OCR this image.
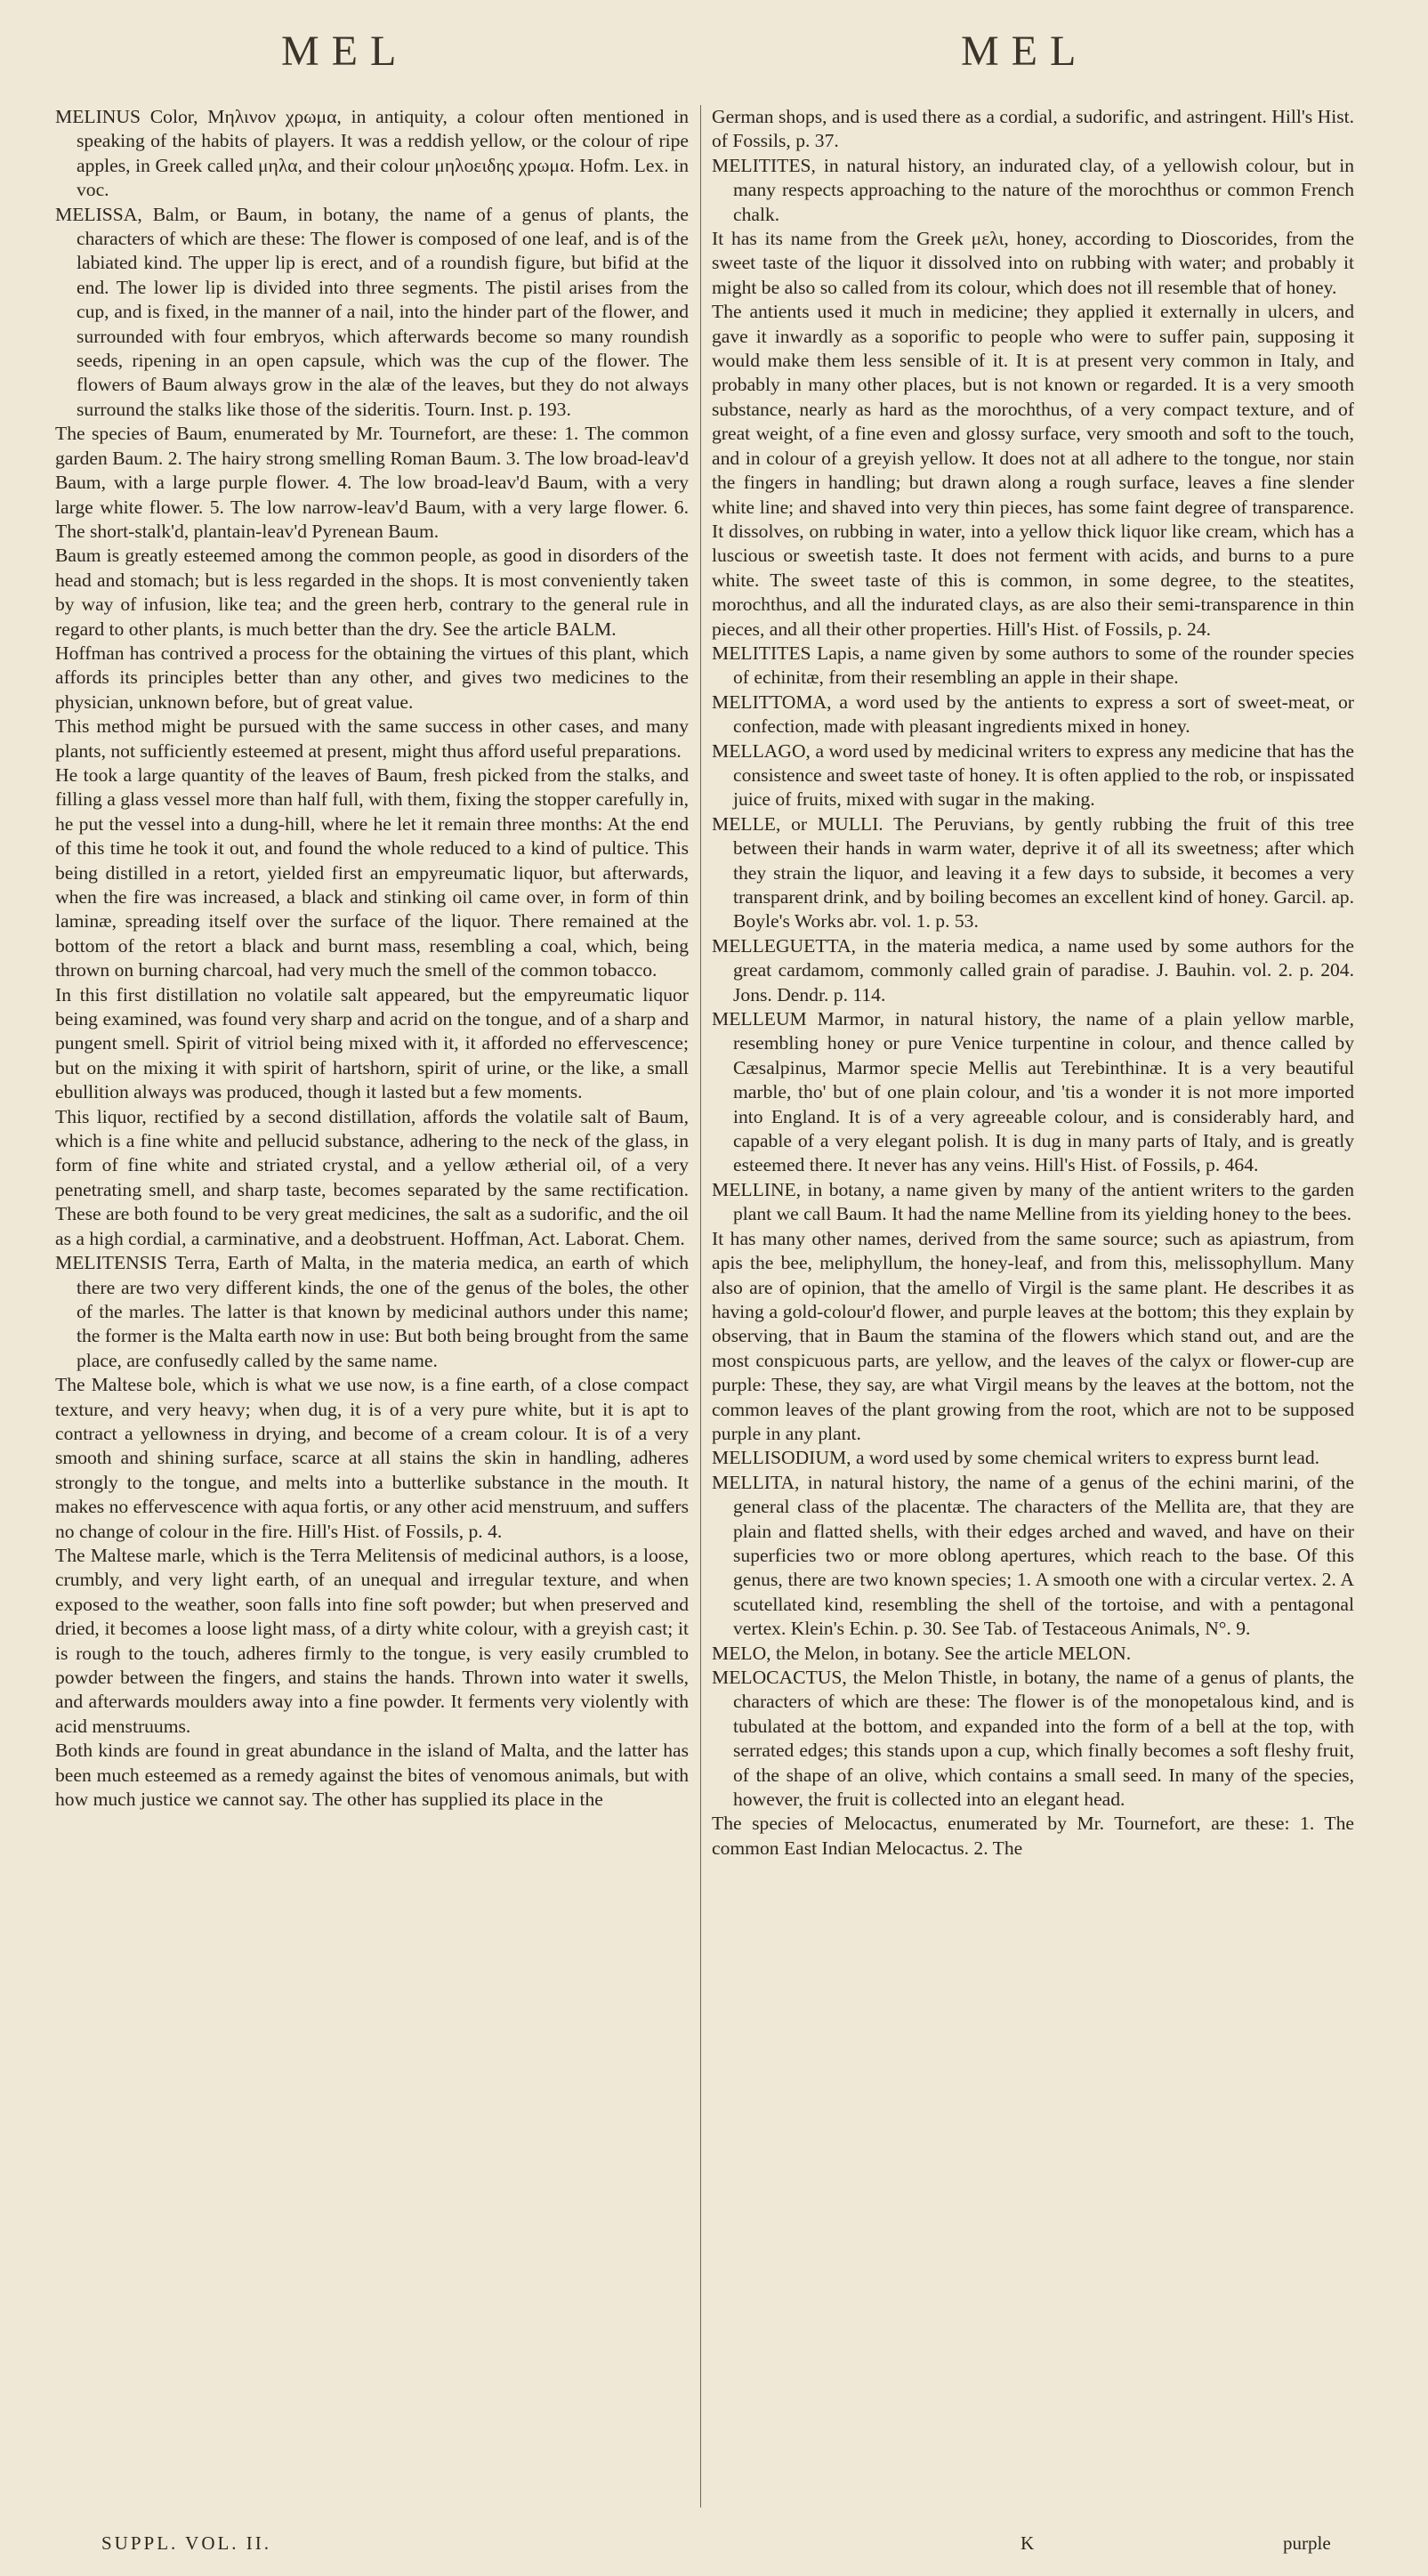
MEL	MEL

MELINUS Color, Μηλινον χρωμα, in antiquity, a colour often mentioned in speaking of the habits of players. It was a reddish yellow, or the colour of ripe apples, in Greek called μηλα, and their colour μηλοειδης χρωμα. Hofm. Lex. in voc.

MELISSA, Balm, or Baum, in botany, the name of a genus of plants, the characters of which are these: The flower is composed of one leaf, and is of the labiated kind. The upper lip is erect, and of a roundish figure, but bifid at the end. The lower lip is divided into three segments. The pistil arises from the cup, and is fixed, in the manner of a nail, into the hinder part of the flower, and surrounded with four embryos, which afterwards become so many roundish seeds, ripening in an open capsule, which was the cup of the flower. The flowers of Baum always grow in the alæ of the leaves, but they do not always surround the stalks like those of the sideritis. Tourn. Inst. p. 193.

The species of Baum, enumerated by Mr. Tournefort, are these: 1. The common garden Baum. 2. The hairy strong smelling Roman Baum. 3. The low broad-leav'd Baum, with a large purple flower. 4. The low broad-leav'd Baum, with a very large white flower. 5. The low narrow-leav'd Baum, with a very large flower. 6. The short-stalk'd, plantain-leav'd Pyrenean Baum.

Baum is greatly esteemed among the common people, as good in disorders of the head and stomach; but is less regarded in the shops. It is most conveniently taken by way of infusion, like tea; and the green herb, contrary to the general rule in regard to other plants, is much better than the dry. See the article BALM.

Hoffman has contrived a process for the obtaining the virtues of this plant, which affords its principles better than any other, and gives two medicines to the physician, unknown before, but of great value.

This method might be pursued with the same success in other cases, and many plants, not sufficiently esteemed at present, might thus afford useful preparations.

He took a large quantity of the leaves of Baum, fresh picked from the stalks, and filling a glass vessel more than half full, with them, fixing the stopper carefully in, he put the vessel into a dung-hill, where he let it remain three months: At the end of this time he took it out, and found the whole reduced to a kind of pultice. This being distilled in a retort, yielded first an empyreumatic liquor, but afterwards, when the fire was increased, a black and stinking oil came over, in form of thin laminæ, spreading itself over the surface of the liquor. There remained at the bottom of the retort a black and burnt mass, resembling a coal, which, being thrown on burning charcoal, had very much the smell of the common tobacco.

In this first distillation no volatile salt appeared, but the empyreumatic liquor being examined, was found very sharp and acrid on the tongue, and of a sharp and pungent smell. Spirit of vitriol being mixed with it, it afforded no effervescence; but on the mixing it with spirit of hartshorn, spirit of urine, or the like, a small ebullition always was produced, though it lasted but a few moments.

This liquor, rectified by a second distillation, affords the volatile salt of Baum, which is a fine white and pellucid substance, adhering to the neck of the glass, in form of fine white and striated crystal, and a yellow ætherial oil, of a very penetrating smell, and sharp taste, becomes separated by the same rectification. These are both found to be very great medicines, the salt as a sudorific, and the oil as a high cordial, a carminative, and a deobstruent. Hoffman, Act. Laborat. Chem.

MELITENSIS Terra, Earth of Malta, in the materia medica, an earth of which there are two very different kinds, the one of the genus of the boles, the other of the marles. The latter is that known by medicinal authors under this name; the former is the Malta earth now in use: But both being brought from the same place, are confusedly called by the same name.

The Maltese bole, which is what we use now, is a fine earth, of a close compact texture, and very heavy; when dug, it is of a very pure white, but it is apt to contract a yellowness in drying, and become of a cream colour. It is of a very smooth and shining surface, scarce at all stains the skin in handling, adheres strongly to the tongue, and melts into a butterlike substance in the mouth. It makes no effervescence with aqua fortis, or any other acid menstruum, and suffers no change of colour in the fire. Hill's Hist. of Fossils, p. 4.

The Maltese marle, which is the Terra Melitensis of medicinal authors, is a loose, crumbly, and very light earth, of an unequal and irregular texture, and when exposed to the weather, soon falls into fine soft powder; but when preserved and dried, it becomes a loose light mass, of a dirty white colour, with a greyish cast; it is rough to the touch, adheres firmly to the tongue, is very easily crumbled to powder between the fingers, and stains the hands. Thrown into water it swells, and afterwards moulders away into a fine powder. It ferments very violently with acid menstruums.

Both kinds are found in great abundance in the island of Malta, and the latter has been much esteemed as a remedy against the bites of venomous animals, but with how much justice we cannot say. The other has supplied its place in the

German shops, and is used there as a cordial, a sudorific, and astringent. Hill's Hist. of Fossils, p. 37.

MELITITES, in natural history, an indurated clay, of a yellowish colour, but in many respects approaching to the nature of the morochthus or common French chalk.

It has its name from the Greek μελι, honey, according to Dioscorides, from the sweet taste of the liquor it dissolved into on rubbing with water; and probably it might be also so called from its colour, which does not ill resemble that of honey.

The antients used it much in medicine; they applied it externally in ulcers, and gave it inwardly as a soporific to people who were to suffer pain, supposing it would make them less sensible of it. It is at present very common in Italy, and probably in many other places, but is not known or regarded. It is a very smooth substance, nearly as hard as the morochthus, of a very compact texture, and of great weight, of a fine even and glossy surface, very smooth and soft to the touch, and in colour of a greyish yellow. It does not at all adhere to the tongue, nor stain the fingers in handling; but drawn along a rough surface, leaves a fine slender white line; and shaved into very thin pieces, has some faint degree of transparence. It dissolves, on rubbing in water, into a yellow thick liquor like cream, which has a luscious or sweetish taste. It does not ferment with acids, and burns to a pure white. The sweet taste of this is common, in some degree, to the steatites, morochthus, and all the indurated clays, as are also their semi-transparence in thin pieces, and all their other properties. Hill's Hist. of Fossils, p. 24.

MELITITES Lapis, a name given by some authors to some of the rounder species of echinitæ, from their resembling an apple in their shape.

MELITTOMA, a word used by the antients to express a sort of sweet-meat, or confection, made with pleasant ingredients mixed in honey.

MELLAGO, a word used by medicinal writers to express any medicine that has the consistence and sweet taste of honey. It is often applied to the rob, or inspissated juice of fruits, mixed with sugar in the making.

MELLE, or MULLI. The Peruvians, by gently rubbing the fruit of this tree between their hands in warm water, deprive it of all its sweetness; after which they strain the liquor, and leaving it a few days to subside, it becomes a very transparent drink, and by boiling becomes an excellent kind of honey. Garcil. ap. Boyle's Works abr. vol. 1. p. 53.

MELLEGUETTA, in the materia medica, a name used by some authors for the great cardamom, commonly called grain of paradise. J. Bauhin. vol. 2. p. 204. Jons. Dendr. p. 114.

MELLEUM Marmor, in natural history, the name of a plain yellow marble, resembling honey or pure Venice turpentine in colour, and thence called by Cæsalpinus, Marmor specie Mellis aut Terebinthinæ. It is a very beautiful marble, tho' but of one plain colour, and 'tis a wonder it is not more imported into England. It is of a very agreeable colour, and is considerably hard, and capable of a very elegant polish. It is dug in many parts of Italy, and is greatly esteemed there. It never has any veins. Hill's Hist. of Fossils, p. 464.

MELLINE, in botany, a name given by many of the antient writers to the garden plant we call Baum. It had the name Melline from its yielding honey to the bees.

It has many other names, derived from the same source; such as apiastrum, from apis the bee, meliphyllum, the honey-leaf, and from this, melissophyllum. Many also are of opinion, that the amello of Virgil is the same plant. He describes it as having a gold-colour'd flower, and purple leaves at the bottom; this they explain by observing, that in Baum the stamina of the flowers which stand out, and are the most conspicuous parts, are yellow, and the leaves of the calyx or flower-cup are purple: These, they say, are what Virgil means by the leaves at the bottom, not the common leaves of the plant growing from the root, which are not to be supposed purple in any plant.

MELLISODIUM, a word used by some chemical writers to express burnt lead.

MELLITA, in natural history, the name of a genus of the echini marini, of the general class of the placentæ. The characters of the Mellita are, that they are plain and flatted shells, with their edges arched and waved, and have on their superficies two or more oblong apertures, which reach to the base. Of this genus, there are two known species; 1. A smooth one with a circular vertex. 2. A scutellated kind, resembling the shell of the tortoise, and with a pentagonal vertex. Klein's Echin. p. 30. See Tab. of Testaceous Animals, N°. 9.

MELO, the Melon, in botany. See the article MELON.

MELOCACTUS, the Melon Thistle, in botany, the name of a genus of plants, the characters of which are these: The flower is of the monopetalous kind, and is tubulated at the bottom, and expanded into the form of a bell at the top, with serrated edges; this stands upon a cup, which finally becomes a soft fleshy fruit, of the shape of an olive, which contains a small seed. In many of the species, however, the fruit is collected into an elegant head.

The species of Melocactus, enumerated by Mr. Tournefort, are these: 1. The common East Indian Melocactus. 2. The

SUPPL. VOL. II.	K	purple
